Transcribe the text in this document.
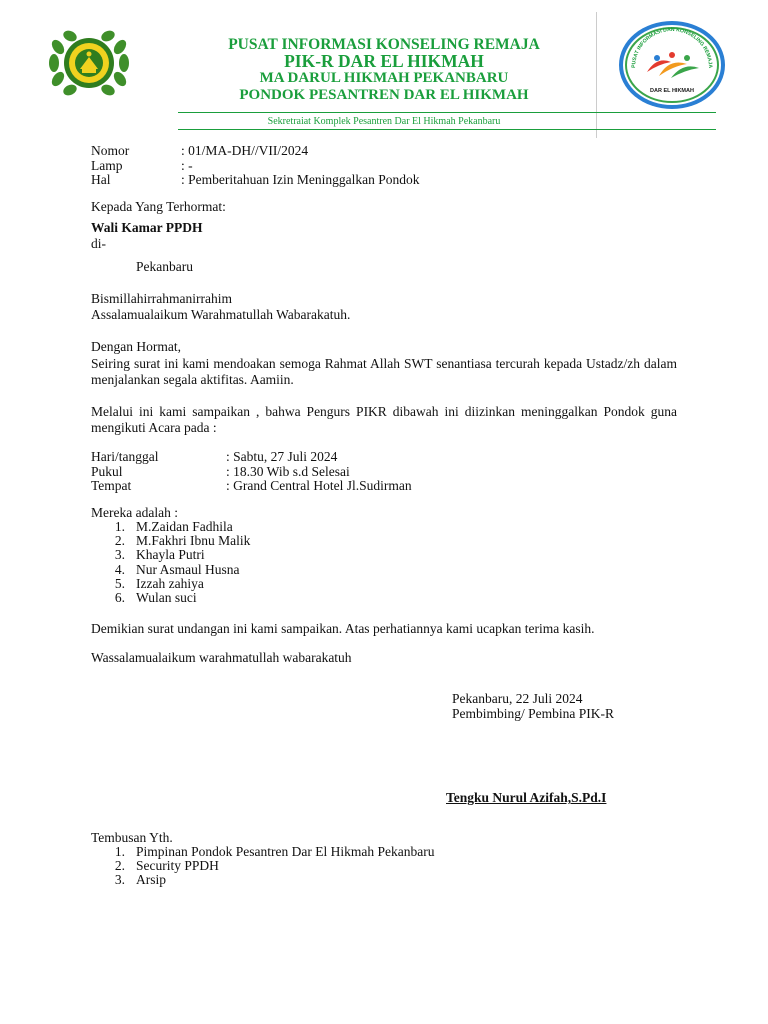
PUSAT INFORMASI KONSELING REMAJA
PIK-R DAR EL HIKMAH
MA DARUL HIKMAH PEKANBARU
PONDOK PESANTREN DAR EL HIKMAH
PUSAT INFORMASI DAN KONSELING REMAJA
DAR EL HIKMAH
Sekretraiat Komplek Pesantren Dar El Hikmah Pekanbaru
Nomor	: 01/MA-DH//VII/2024
Lamp	: -
Hal	: Pemberitahuan Izin Meninggalkan Pondok
Kepada Yang Terhormat:
Wali Kamar PPDH
di-
Pekanbaru
Bismillahirrahmanirrahim
Assalamualaikum Warahmatullah Wabarakatuh.
Dengan Hormat,
Seiring surat ini kami mendoakan semoga Rahmat Allah SWT senantiasa tercurah kepada Ustadz/zh dalam menjalankan segala aktifitas. Aamiin.
Melalui ini kami sampaikan , bahwa Pengurs PIKR dibawah ini diizinkan meninggalkan Pondok guna mengikuti Acara pada :
Hari/tanggal	: Sabtu, 27 Juli 2024
Pukul	: 18.30 Wib s.d Selesai
Tempat	: Grand Central Hotel Jl.Sudirman
Mereka adalah :
1. M.Zaidan Fadhila
2. M.Fakhri Ibnu Malik
3. Khayla Putri
4. Nur Asmaul Husna
5. Izzah zahiya
6. Wulan suci
Demikian surat undangan ini kami sampaikan. Atas perhatiannya kami ucapkan terima kasih.
Wassalamualaikum warahmatullah wabarakatuh
Pekanbaru, 22 Juli 2024
Pembimbing/ Pembina PIK-R
Tengku Nurul Azifah,S.Pd.I
Tembusan Yth.
1. Pimpinan Pondok Pesantren Dar El Hikmah Pekanbaru
2. Security PPDH
3. Arsip
